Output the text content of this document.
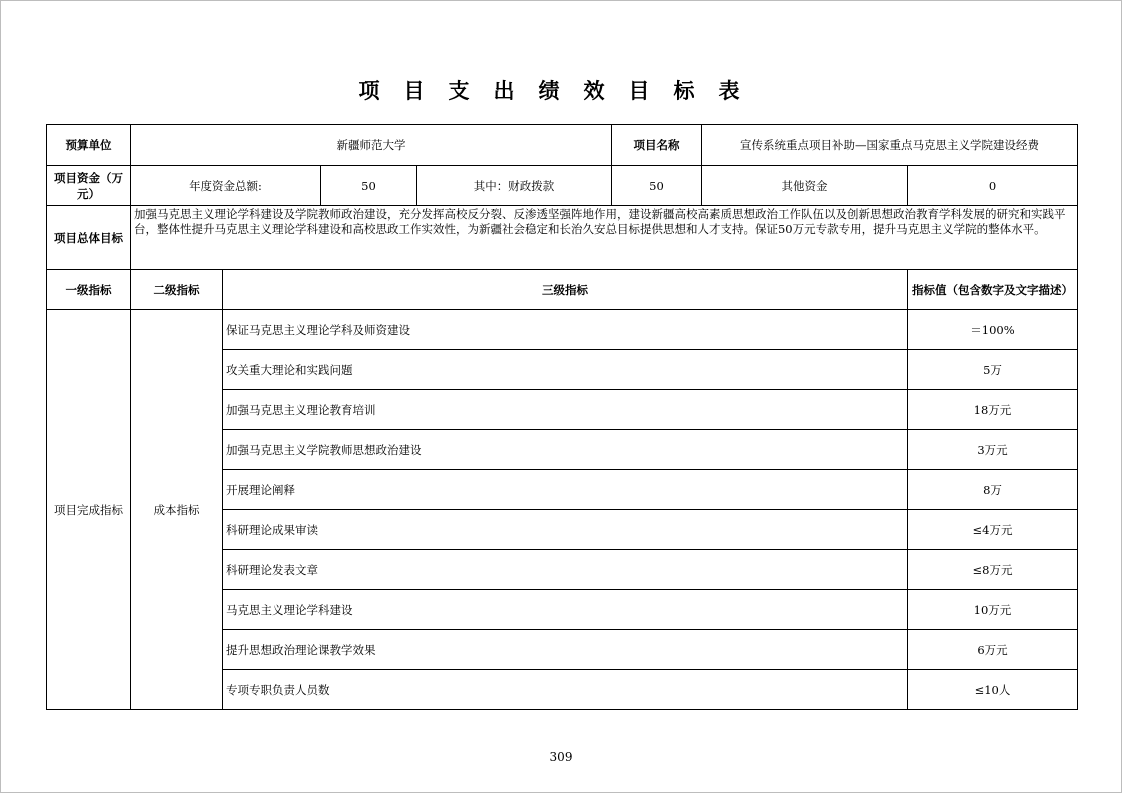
项目支出绩效目标表
预算单位	新疆师范大学				项目名称	宣传系统重点项目补助—国家重点马克思主义学院建设经费	
项目资金（万元）	年度资金总额:		50	其中：财政拨款	50	其他资金	0
项目总体目标	加强马克思主义理论学科建设及学院教师政治建设，充分发挥高校反分裂、反渗透坚强阵地作用，建设新疆高校高素质思想政治工作队伍以及创新思想政治教育学科发展的研究和实践平台，整体性提升马克思主义理论学科建设和高校思政工作实效性，为新疆社会稳定和长治久安总目标提供思想和人才支持。保证50万元专款专用，提升马克思主义学院的整体水平。						
一级指标	二级指标	三级指标					指标值（包含数字及文字描述）
项目完成指标	成本指标	保证马克思主义理论学科及师资建设					＝100%
		攻关重大理论和实践问题					5万
		加强马克思主义理论教育培训					18万元
		加强马克思主义学院教师思想政治建设					3万元
		开展理论阐释					8万
		科研理论成果审读					≤4万元
		科研理论发表文章					≤8万元
		马克思主义理论学科建设					10万元
		提升思想政治理论课教学效果					6万元
		专项专职负责人员数					≤10人
309
